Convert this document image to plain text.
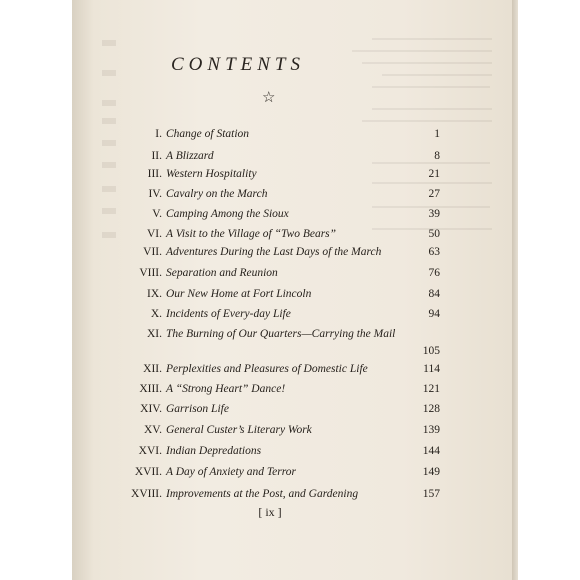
CONTENTS
☆
I. Change of Station	1
II. A Blizzard	8
III. Western Hospitality	21
IV. Cavalry on the March	27
V. Camping Among the Sioux	39
VI. A Visit to the Village of “Two Bears”	50
VII. Adventures During the Last Days of the March	63
VIII. Separation and Reunion	76
IX. Our New Home at Fort Lincoln	84
X. Incidents of Every-day Life	94
XI. The Burning of Our Quarters—Carrying the Mail
105
XII. Perplexities and Pleasures of Domestic Life	114
XIII. A “Strong Heart” Dance!	121
XIV. Garrison Life	128
XV. General Custer’s Literary Work	139
XVI. Indian Depredations	144
XVII. A Day of Anxiety and Terror	149
XVIII. Improvements at the Post, and Gardening	157
[ ix ]
